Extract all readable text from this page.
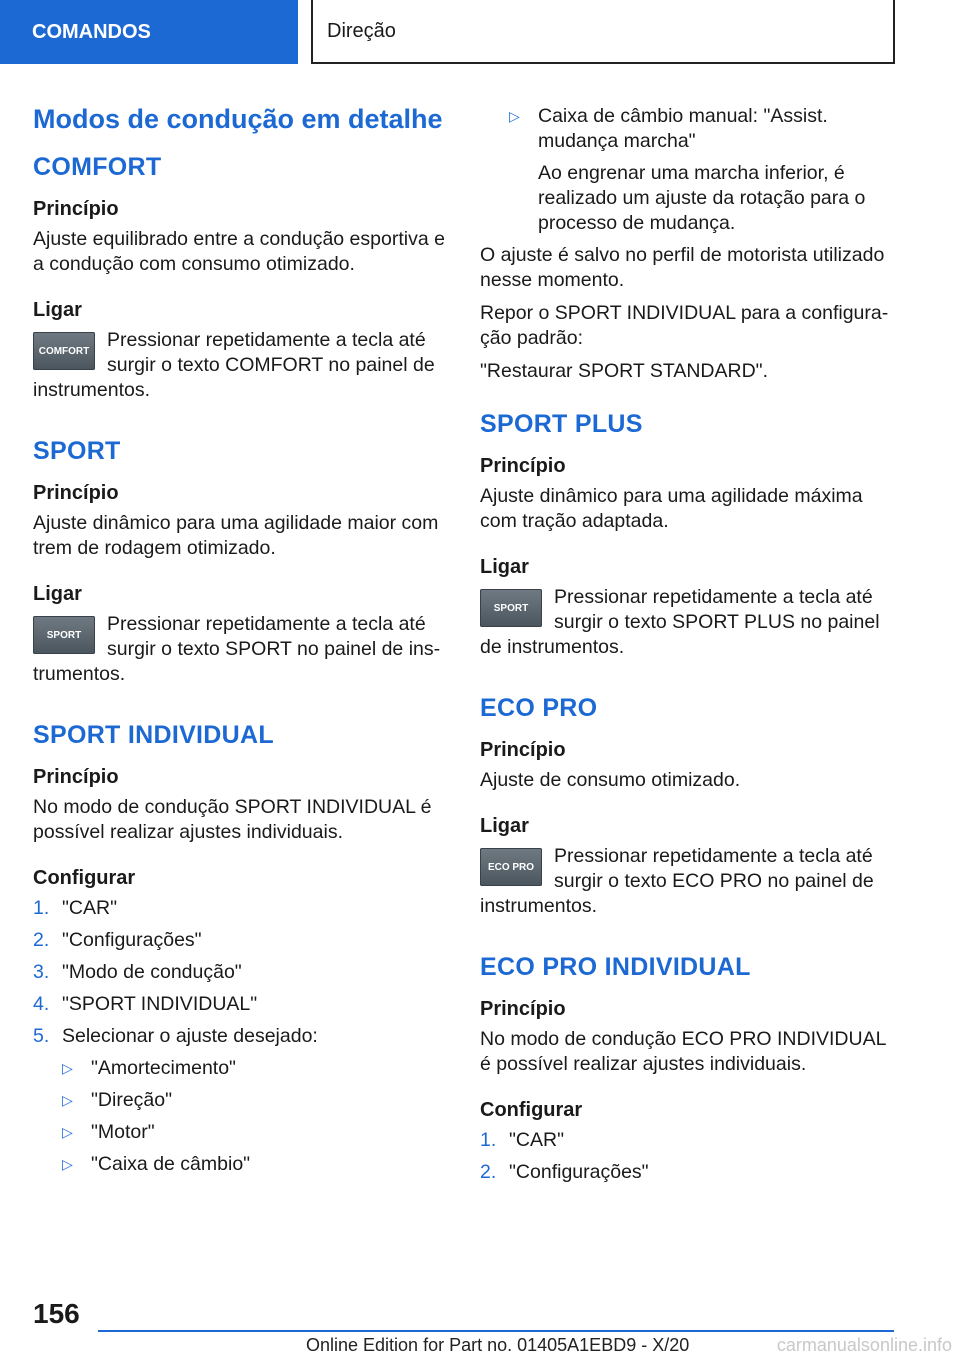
COMANDOS	Direção
Modos de condução em detalhe
COMFORT
Princípio

Ajuste equilibrado entre a condução esportiva e a condução com consumo otimizado.

Ligar
COMFORT Pressionar repetidamente a tecla até surgir o texto COMFORT no painel de instrumentos.
SPORT
Princípio

Ajuste dinâmico para uma agilidade maior com trem de rodagem otimizado.

Ligar
SPORT	Pressionar repetidamente a tecla até surgir o texto SPORT no painel de instrumentos.
SPORT INDIVIDUAL
Princípio

No modo de condução SPORT INDIVIDUAL é possível realizar ajustes individuais.

Configurar
1. "CAR"
2. "Configurações"
3. "Modo de condução"
4. "SPORT INDIVIDUAL"
5. Selecionar o ajuste desejado:
▷ "Amortecimento"
▷ "Direção"
▷ "Motor"
▷ "Caixa de câmbio"
▷ Caixa de câmbio manual: "Assist. mudança marcha"
Ao engrenar uma marcha inferior, é realizado um ajuste da rotação para o processo de mudança.

O ajuste é salvo no perfil de motorista utilizado nesse momento.

Repor o SPORT INDIVIDUAL para a configuração padrão:

"Restaurar SPORT STANDARD".

SPORT PLUS
Princípio

Ajuste dinâmico para uma agilidade máxima com tração adaptada.

Ligar
SPORT	Pressionar repetidamente a tecla até surgir o texto SPORT PLUS no painel de instrumentos.
ECO PRO
Princípio

Ajuste de consumo otimizado.

Ligar
ECO PRO	Pressionar repetidamente a tecla até surgir o texto ECO PRO no painel de instrumentos.
ECO PRO INDIVIDUAL
Princípio

No modo de condução ECO PRO INDIVIDUAL é possível realizar ajustes individuais.

Configurar
1. "CAR"
2. "Configurações"
156
Online Edition for Part no. 01405A1EBD9 - X/20	carmanualsonline.info
